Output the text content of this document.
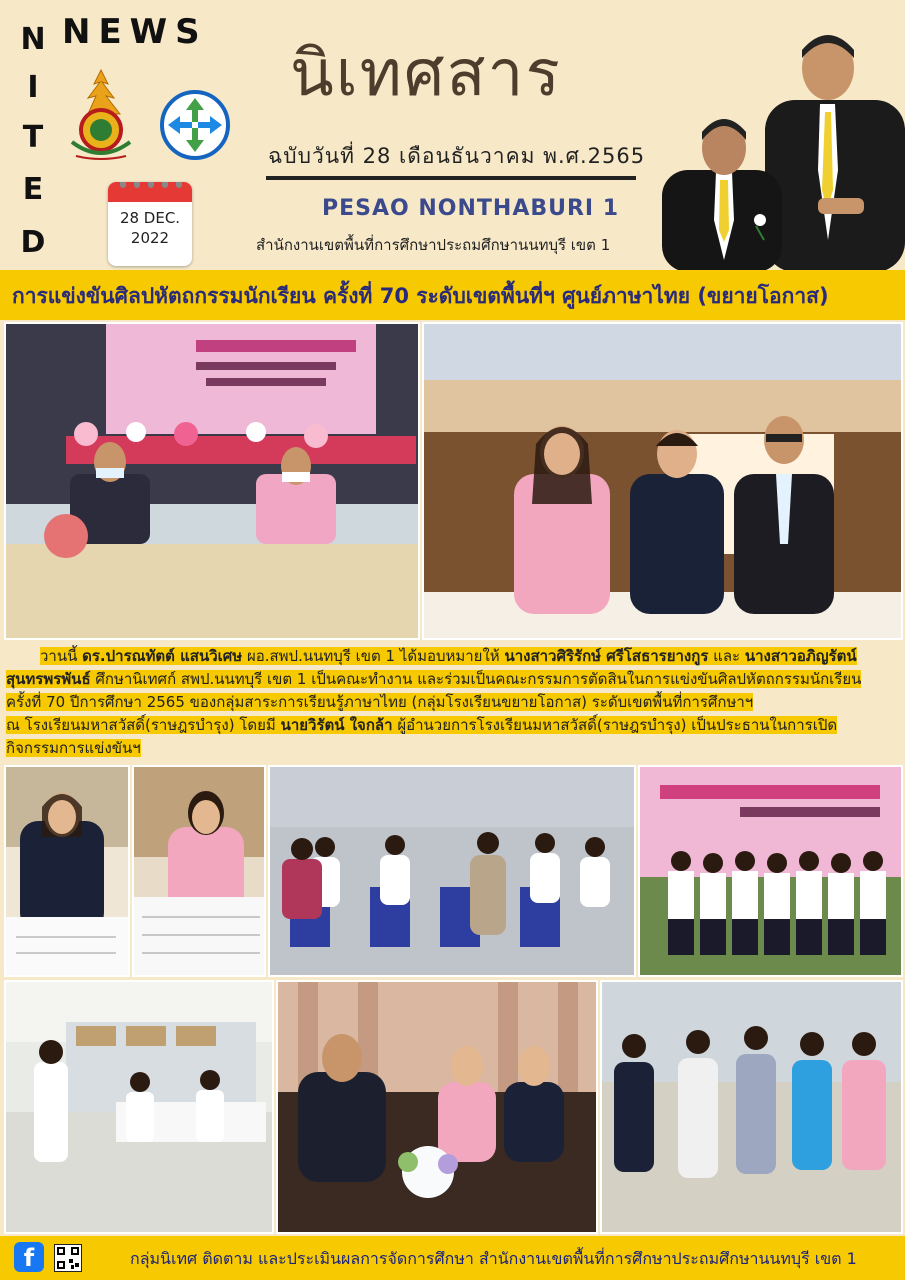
N
I
T
E
D
NEWS
28 DEC.
2022
นิเทศสาร
ฉบับวันที่ 28 เดือนธันวาคม พ.ศ.2565
PESAO NONTHABURI 1
สำนักงานเขตพื้นที่การศึกษาประถมศึกษานนทบุรี เขต 1
การแข่งขันศิลปหัตถกรรมนักเรียน ครั้งที่ 70 ระดับเขตพื้นที่ฯ ศูนย์ภาษาไทย (ขยายโอกาส)
วานนี้ ดร.ปารณทัตต์ แสนวิเศษ ผอ.สพป.นนทบุรี เขต 1 ได้มอบหมายให้ นางสาวศิริรักษ์ ศรีโสธารยางกูร และ นางสาวอภิญรัตน์
สุนทรพรพันธ์ ศึกษานิเทศก์ สพป.นนทบุรี เขต 1 เป็นคณะทำงาน และร่วมเป็นคณะกรรมการตัดสินในการแข่งขันศิลปหัตถกรรมนักเรียน
ครั้งที่ 70 ปีการศึกษา 2565 ของกลุ่มสาระการเรียนรู้ภาษาไทย (กลุ่มโรงเรียนขยายโอกาส) ระดับเขตพื้นที่การศึกษาฯ
ณ โรงเรียนมหาสวัสดิ์(ราษฎรบำรุง) โดยมี นายวิรัตน์ ใจกล้า ผู้อำนวยการโรงเรียนมหาสวัสดิ์(ราษฎรบำรุง) เป็นประธานในการเปิด
กิจกรรมการแข่งขันฯ
f	กลุ่มนิเทศ ติดตาม และประเมินผลการจัดการศึกษา สำนักงานเขตพื้นที่การศึกษาประถมศึกษานนทบุรี เขต 1
